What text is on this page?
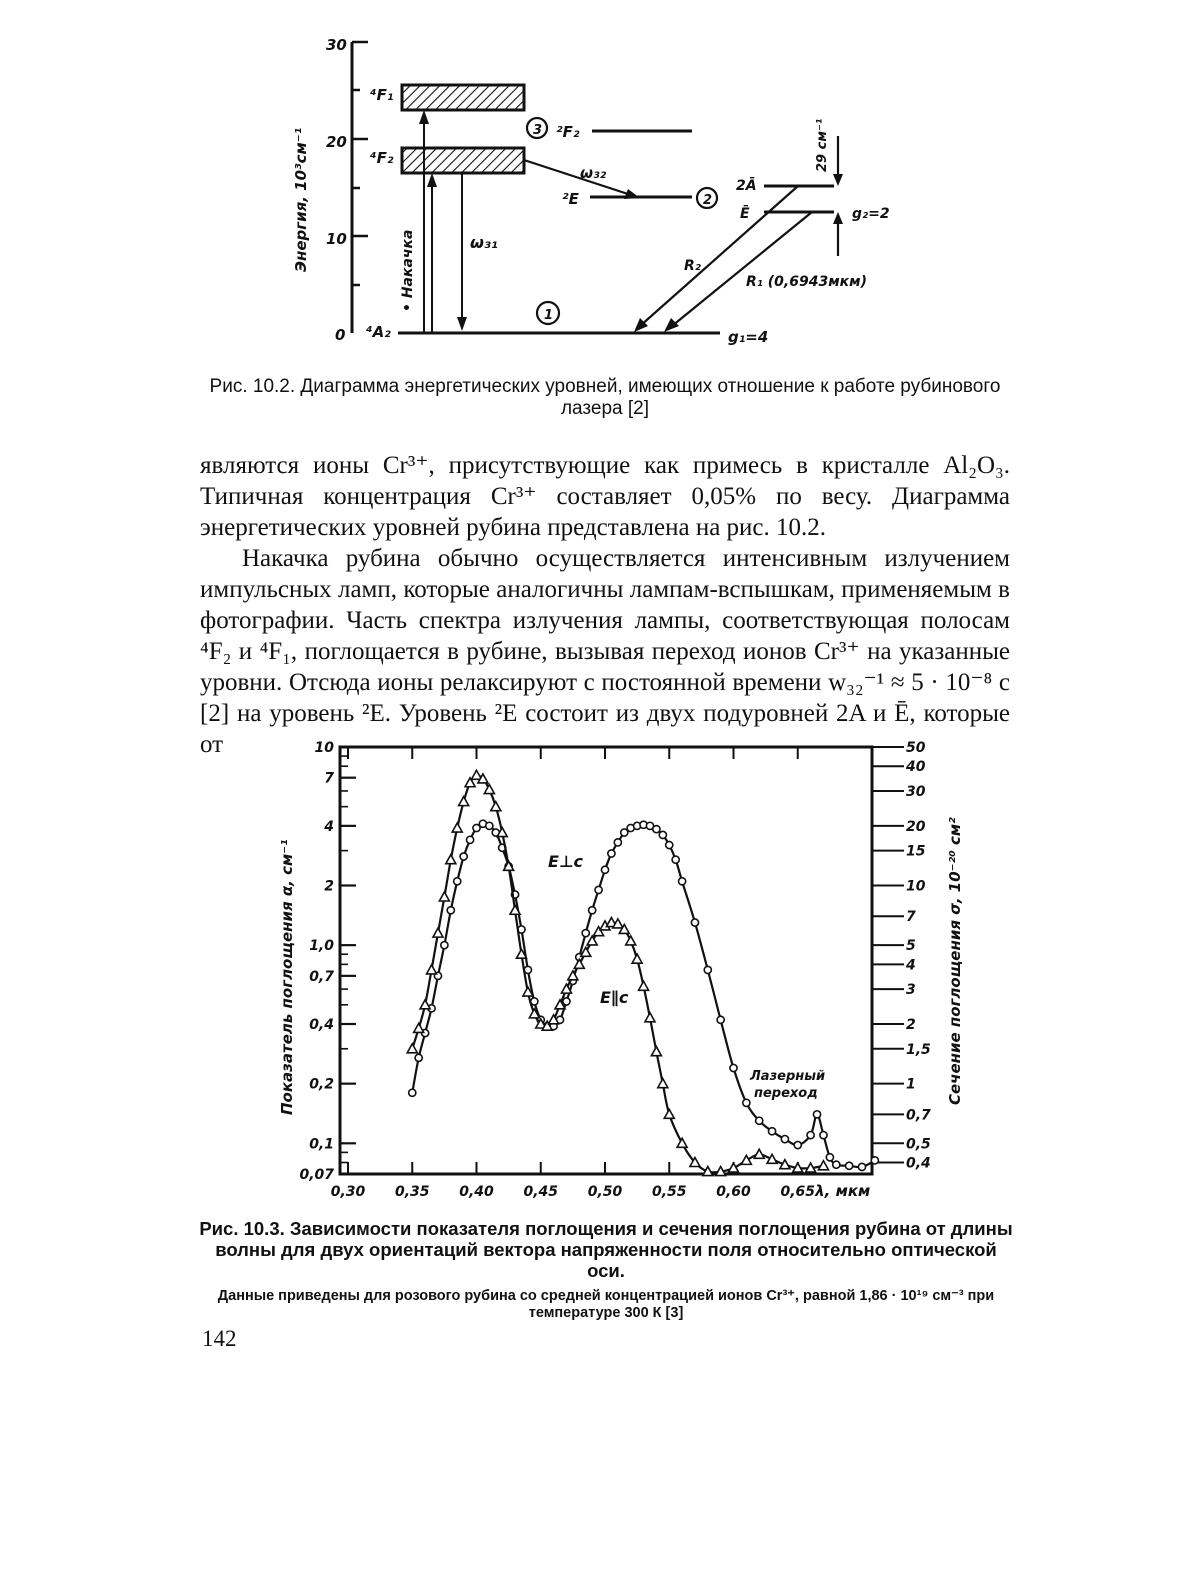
30
20
10
0
Энергия, 10³см⁻¹
⁴A₂	g₁=4
⁴F₁
⁴F₂
• Накачка	ω₃₁
3 ²F₂
²E	2
ω₃₂
2Ā
Ē
29 см⁻¹
g₂=2
R₂
R₁ (0,6943мкм)
1
Рис. 10.2. Диаграмма энергетических уровней, имеющих отношение к работе рубинового лазера [2]

являются ионы Cr³⁺, присутствующие как примесь в кристалле Al₂O₃. Типичная концентрация Cr³⁺ составляет 0,05% по весу. Диаграмма энергетических уровней рубина представлена на рис. 10.2.

Накачка рубина обычно осуществляется интенсивным излучением импульсных ламп, которые аналогичны лампам-вспышкам, применяемым в фотографии. Часть спектра излучения лампы, соответствующая полосам ⁴F₂ и ⁴F₁, поглощается в рубине, вызывая переход ионов Cr³⁺ на указанные уровни. Отсюда ионы релаксируют с постоянной времени w₃₂⁻¹ ≈ 5 · 10⁻⁸ с [2] на уровень ²E. Уровень ²E состоит из двух подуровней 2A и Ē, которые от

λ, мкм
Показатель поглощения α, см⁻¹	Сечение поглощения σ, 10⁻²⁰ см²
E⊥c
E∥c
Лазерный
переход
0,30 0,35 0,40 0,45 0,50 0,55 0,60 0,65
10
7
4
2
1,0
0,7
0,4
0,2
0,1
0,07
50
40
30
20
15
10
7
5
4
3
2
1,5
1
0,7
0,5
0,4
Рис. 10.3. Зависимости показателя поглощения и сечения поглощения рубина от длины волны для двух ориентаций вектора напряженности поля относительно оптической оси.
Данные приведены для розового рубина со средней концентрацией ионов Cr³⁺, равной 1,86 · 10¹⁹ см⁻³ при температуре 300 К [3]
142
